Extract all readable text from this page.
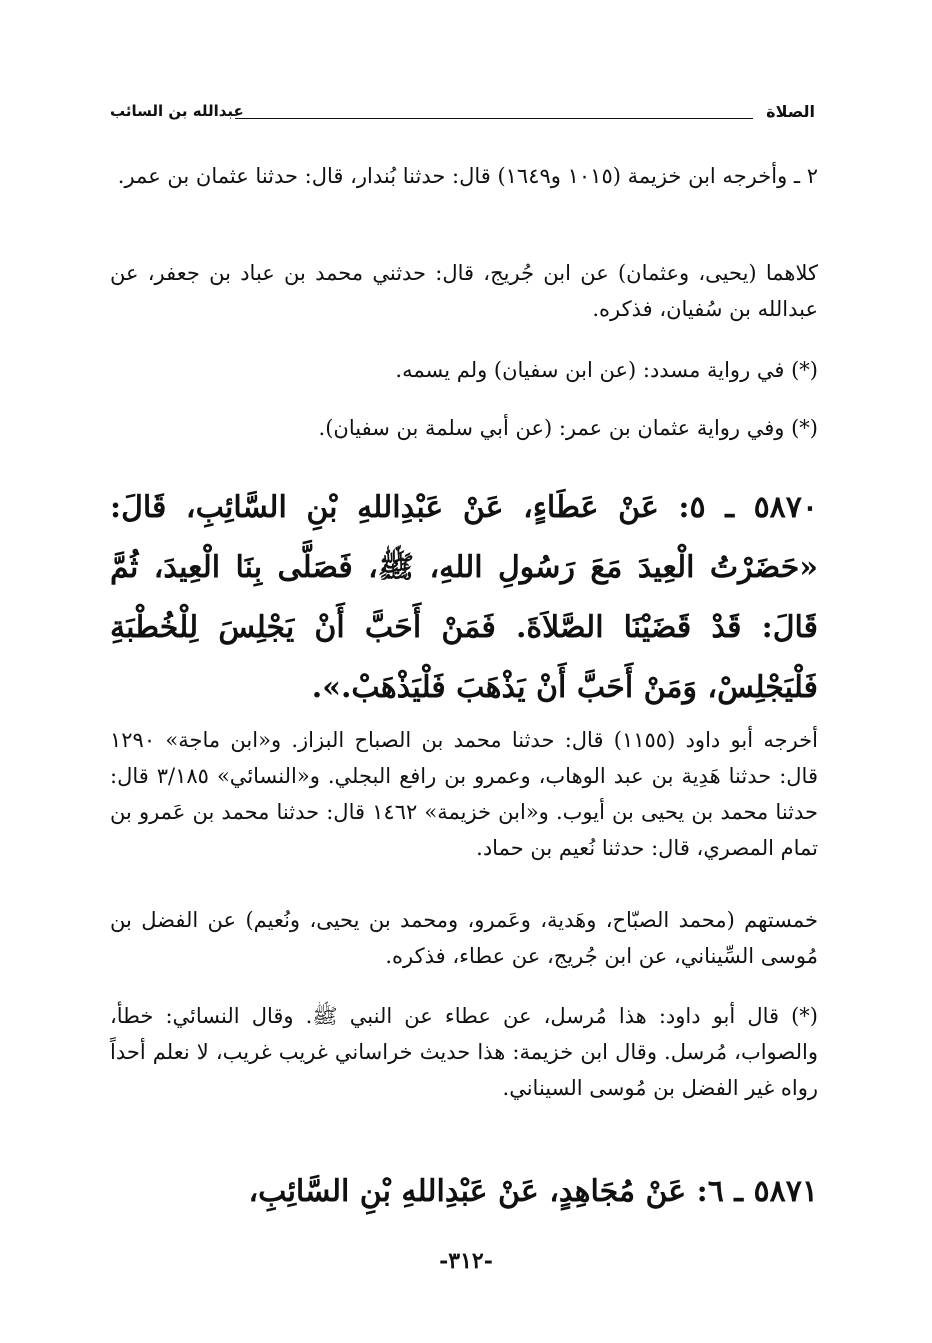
الصلاة
عبدالله بن السائب

٢ ـ وأخرجه ابن خزيمة (١٠١٥ و١٦٤٩) قال: حدثنا بُندار، قال: حدثنا عثمان بن عمر.

كلاهما (يحيى، وعثمان) عن ابن جُريج، قال: حدثني محمد بن عباد بن جعفر، عن عبدالله بن سُفيان، فذكره.

(*) في رواية مسدد: (عن ابن سفيان) ولم يسمه.

(*) وفي رواية عثمان بن عمر: (عن أبي سلمة بن سفيان).

٥٨٧٠ ـ ٥: عَنْ عَطَاءٍ، عَنْ عَبْدِاللهِ بْنِ السَّائِبِ، قَالَ: «حَضَرْتُ الْعِيدَ مَعَ رَسُولِ اللهِ، ﷺ، فَصَلَّى بِنَا الْعِيدَ، ثُمَّ قَالَ: قَدْ قَضَيْنَا الصَّلاَةَ. فَمَنْ أَحَبَّ أَنْ يَجْلِسَ لِلْخُطْبَةِ فَلْيَجْلِسْ، وَمَنْ أَحَبَّ أَنْ يَذْهَبَ فَلْيَذْهَبْ.».

أخرجه أبو داود (١١٥٥) قال: حدثنا محمد بن الصباح البزاز. و«ابن ماجة» ١٢٩٠ قال: حدثنا هَدِية بن عبد الوهاب، وعمرو بن رافع البجلي. و«النسائي» ٣/١٨٥ قال: حدثنا محمد بن يحيى بن أيوب. و«ابن خزيمة» ١٤٦٢ قال: حدثنا محمد بن عَمرو بن تمام المصري، قال: حدثنا نُعيم بن حماد.

خمستهم (محمد الصبّاح، وهَدية، وعَمرو، ومحمد بن يحيى، ونُعيم) عن الفضل بن مُوسى السِّيناني، عن ابن جُريج، عن عطاء، فذكره.

(*) قال أبو داود: هذا مُرسل، عن عطاء عن النبي ﷺ. وقال النسائي: خطأ، والصواب، مُرسل. وقال ابن خزيمة: هذا حديث خراساني غريب غريب، لا نعلم أحداً رواه غير الفضل بن مُوسى السيناني.

٥٨٧١ ـ ٦: عَنْ مُجَاهِدٍ، عَنْ عَبْدِاللهِ بْنِ السَّائِبِ،

-٣١٢-
